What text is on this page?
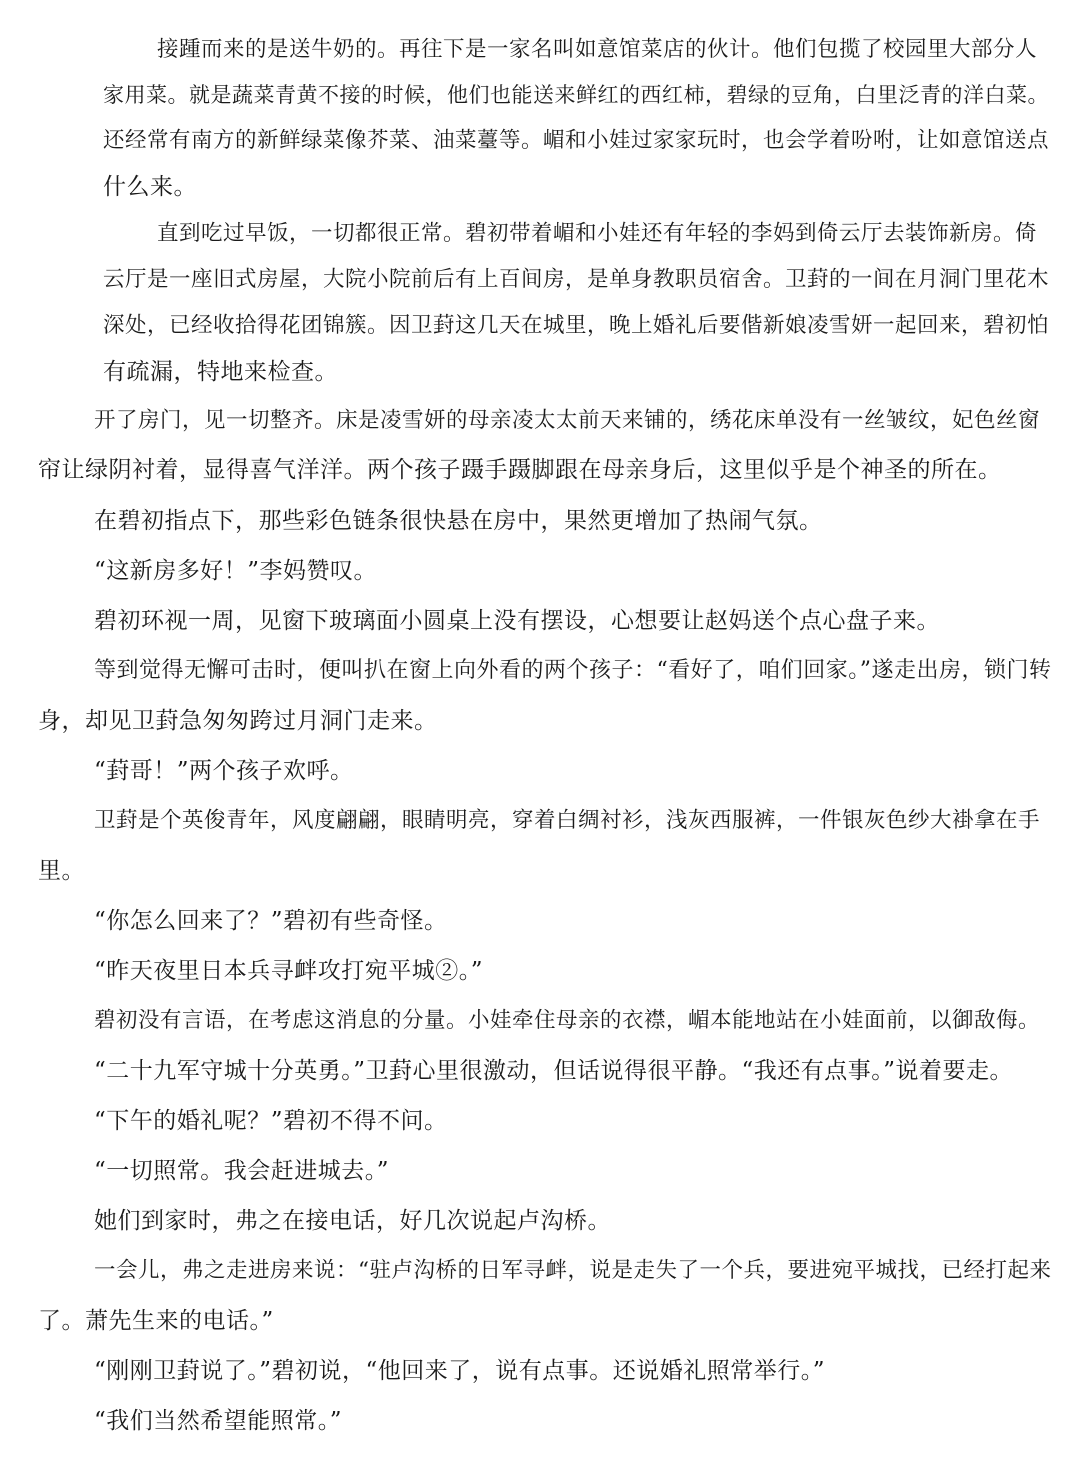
接踵而来的是送牛奶的。再往下是一家名叫如意馆菜店的伙计。他们包揽了校园里大部分人

家用菜。就是蔬菜青黄不接的时候，他们也能送来鲜红的西红柿，碧绿的豆角，白里泛青的洋白菜。

还经常有南方的新鲜绿菜像芥菜、油菜薹等。嵋和小娃过家家玩时，也会学着吩咐，让如意馆送点

什么来。

直到吃过早饭，一切都很正常。碧初带着嵋和小娃还有年轻的李妈到倚云厅去装饰新房。倚

云厅是一座旧式房屋，大院小院前后有上百间房，是单身教职员宿舍。卫葑的一间在月洞门里花木

深处，已经收拾得花团锦簇。因卫葑这几天在城里，晚上婚礼后要偕新娘凌雪妍一起回来，碧初怕

有疏漏，特地来检查。

开了房门，见一切整齐。床是凌雪妍的母亲凌太太前天来铺的，绣花床单没有一丝皱纹，妃色丝窗

帘让绿阴衬着，显得喜气洋洋。两个孩子蹑手蹑脚跟在母亲身后，这里似乎是个神圣的所在。

在碧初指点下，那些彩色链条很快悬在房中，果然更增加了热闹气氛。

“这新房多好！”李妈赞叹。

碧初环视一周，见窗下玻璃面小圆桌上没有摆设，心想要让赵妈送个点心盘子来。

等到觉得无懈可击时，便叫扒在窗上向外看的两个孩子：“看好了，咱们回家。”遂走出房，锁门转

身，却见卫葑急匆匆跨过月洞门走来。

“葑哥！”两个孩子欢呼。

卫葑是个英俊青年，风度翩翩，眼睛明亮，穿着白绸衬衫，浅灰西服裤，一件银灰色纱大褂拿在手

里。

“你怎么回来了？”碧初有些奇怪。

“昨天夜里日本兵寻衅攻打宛平城②。”

碧初没有言语，在考虑这消息的分量。小娃牵住母亲的衣襟，嵋本能地站在小娃面前，以御敌侮。

“二十九军守城十分英勇。”卫葑心里很激动，但话说得很平静。“我还有点事。”说着要走。

“下午的婚礼呢？”碧初不得不问。

“一切照常。我会赶进城去。”

她们到家时，弗之在接电话，好几次说起卢沟桥。

一会儿，弗之走进房来说：“驻卢沟桥的日军寻衅，说是走失了一个兵，要进宛平城找，已经打起来

了。萧先生来的电话。”

“刚刚卫葑说了。”碧初说，“他回来了，说有点事。还说婚礼照常举行。”

“我们当然希望能照常。”
